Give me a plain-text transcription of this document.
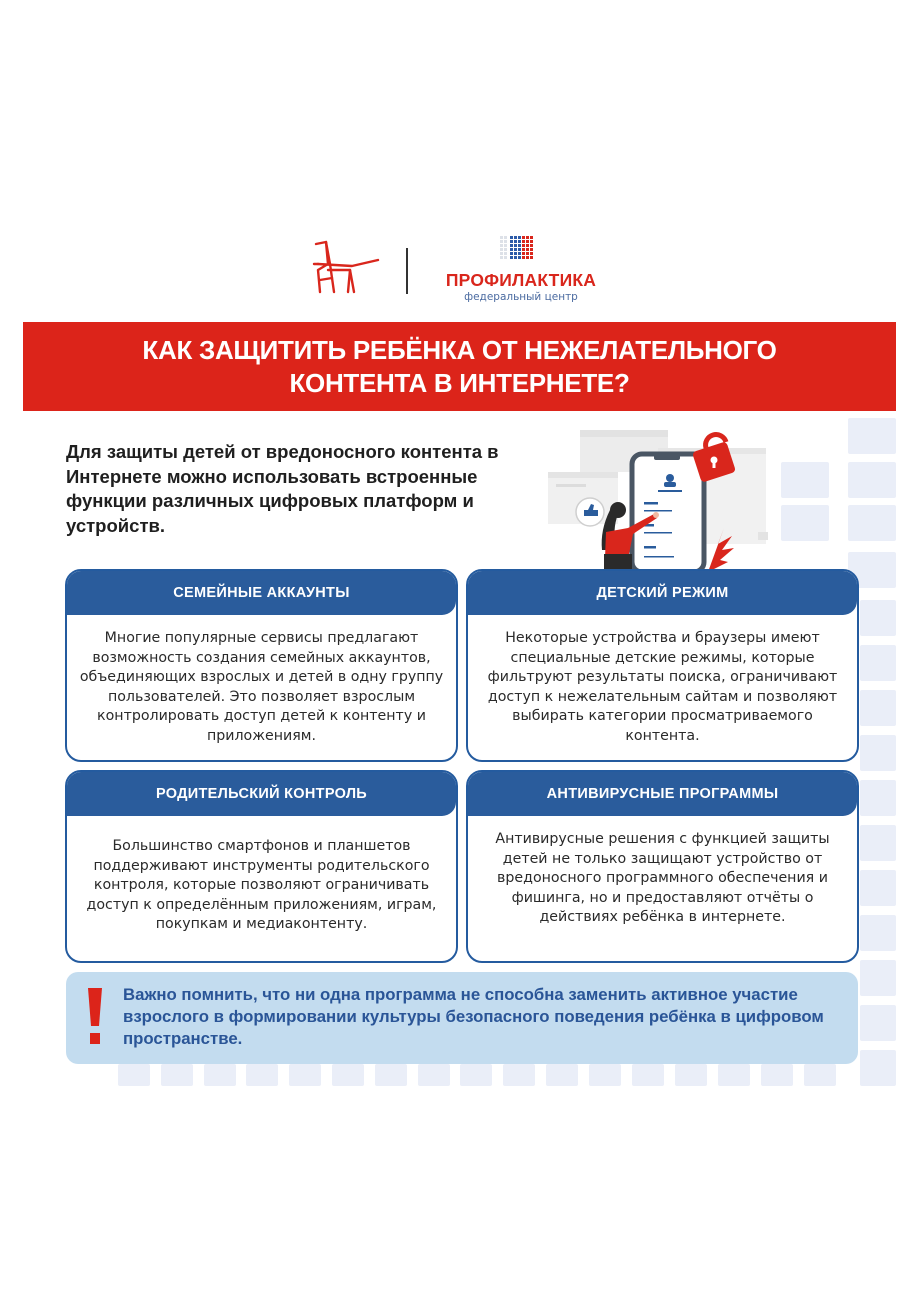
ПРОФИЛАКТИКА
федеральный центр
КАК ЗАЩИТИТЬ РЕБЁНКА ОТ НЕЖЕЛАТЕЛЬНОГО
КОНТЕНТА В ИНТЕРНЕТЕ?
Для защиты детей от вредоносного контента в Интернете можно использовать встроенные функции различных цифровых платформ и устройств.
СЕМЕЙНЫЕ АККАУНТЫ
Многие популярные сервисы предлагают возможность создания семейных аккаунтов, объединяющих взрослых и детей в одну группу пользователей. Это позволяет взрослым контролировать доступ детей к контенту и приложениям.
ДЕТСКИЙ РЕЖИМ
Некоторые устройства и браузеры имеют специальные детские режимы, которые фильтруют результаты поиска, ограничивают доступ к нежелательным сайтам и позволяют выбирать категории просматриваемого контента.
РОДИТЕЛЬСКИЙ КОНТРОЛЬ
Большинство смартфонов и планшетов поддерживают инструменты родительского контроля, которые позволяют ограничивать доступ к определённым приложениям, играм, покупкам и медиаконтенту.
АНТИВИРУСНЫЕ ПРОГРАММЫ
Антивирусные решения с функцией защиты детей не только защищают устройство от вредоносного программного обеспечения и фишинга, но и предоставляют отчёты о действиях ребёнка в интернете.
Важно помнить, что ни одна программа не способна заменить активное участие взрослого в формировании культуры безопасного поведения ребёнка в цифровом пространстве.
